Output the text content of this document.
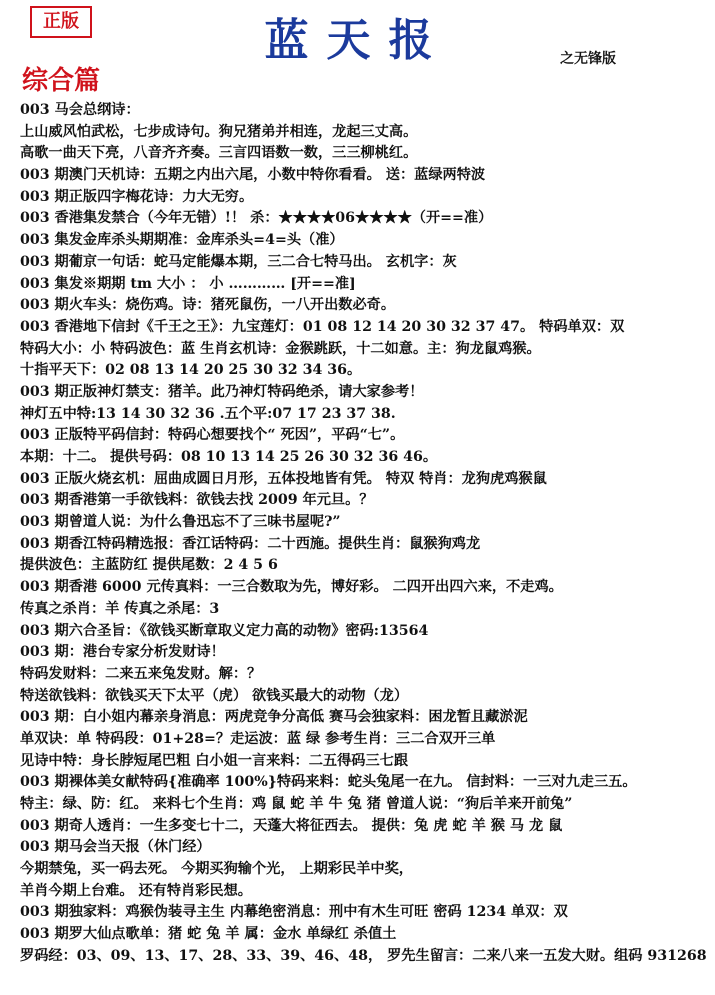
正版	蓝天报	之无锋版
综合篇
003 马会总纲诗：
上山威风怕武松，七步成诗句。狗兄猪弟并相连，龙起三丈高。
高歌一曲天下亮，八音齐齐奏。三言四语数一数，三三柳桃红。
003 期澳门天机诗：五期之内出六尾，小数中特你看看。 送：蓝绿两特波
003 期正版四字梅花诗：力大无穷。
003 香港集发禁合（今年无错）!！ 杀：★★★★06★★★★（开==准）
003 集发金库杀头期期准：金库杀头=4=头（准）
003 期葡京一句话：蛇马定能爆本期，三二合七特马出。 玄机字：灰
003 集发※期期 tm 大小 ： 小 ………… [开==准]
003 期火车头：烧伤鸡。诗：猪死鼠伤，一八开出数必奇。
003 香港地下信封《千王之王》：九宝莲灯：01 08 12 14 20 30 32 37 47。 特码单双：双
特码大小：小 特码波色：蓝 生肖玄机诗：金猴跳跃，十二如意。主：狗龙鼠鸡猴。
十指平天下：02 08 13 14 20 25 30 32 34 36。
003 期正版神灯禁支：猪羊。此乃神灯特码绝杀，请大家参考！
神灯五中特:13 14 30 32 36 .五个平:07 17 23 37 38.
003 正版特平码信封：特码心想要找个“ 死因”，平码“七”。
本期：十二。 提供号码：08 10 13 14 25 26 30 32 36 46。
003 正版火烧玄机：屈曲成圆日月形，五体投地皆有凭。 特双 特肖：龙狗虎鸡猴鼠
003 期香港第一手欲钱料：欲钱去找 2009 年元旦。？
003 期曾道人说：为什么鲁迅忘不了三味书屋呢?”
003 期香江特码精选报：香江话特码：二十西施。提供生肖：鼠猴狗鸡龙
提供波色：主蓝防红 提供尾数：2 4 5 6
003 期香港 6000 元传真料：一三合数取为先，博好彩。 二四开出四六来，不走鸡。
传真之杀肖：羊 传真之杀尾：3
003 期六合圣旨：《欲钱买断章取义定力高的动物》密码:13564
003 期：港台专家分析发财诗！
特码发财料：二来五来兔发财。解：？
特送欲钱料：欲钱买天下太平（虎） 欲钱买最大的动物（龙）
003 期：白小姐内幕亲身消息：两虎竞争分高低 赛马会独家料：困龙暂且藏淤泥
单双诀：单 特码段：01+28=？走运波：蓝 绿 参考生肖：三二合双开三单
见诗中特：身长脖短尾巴粗 白小姐一言来料：二五得码三七跟
003 期裸体美女献特码{准确率 100%}特码来料：蛇头兔尾一在九。 信封料：一三对九走三五。
特主：绿、防：红。 来料七个生肖：鸡 鼠 蛇 羊 牛 兔 猪 曾道人说：“狗后羊来开前兔”
003 期奇人透肖：一生多变七十二，天蓬大将征西去。 提供：兔 虎 蛇 羊 猴 马 龙 鼠
003 期马会当天报（休门经）
今期禁兔，买一码去死。 今期买狗输个光， 上期彩民羊中奖，
羊肖今期上台难。 还有特肖彩民想。
003 期独家料：鸡猴伪装寻主生 内幕绝密消息：刑中有木生可旺 密码 1234 单双：双
003 期罗大仙点歌单：猪 蛇 兔 羊 属：金水 单绿红 杀值土
罗码经：03、09、13、17、28、33、39、46、48， 罗先生留言：二来八来一五发大财。组码 931268
